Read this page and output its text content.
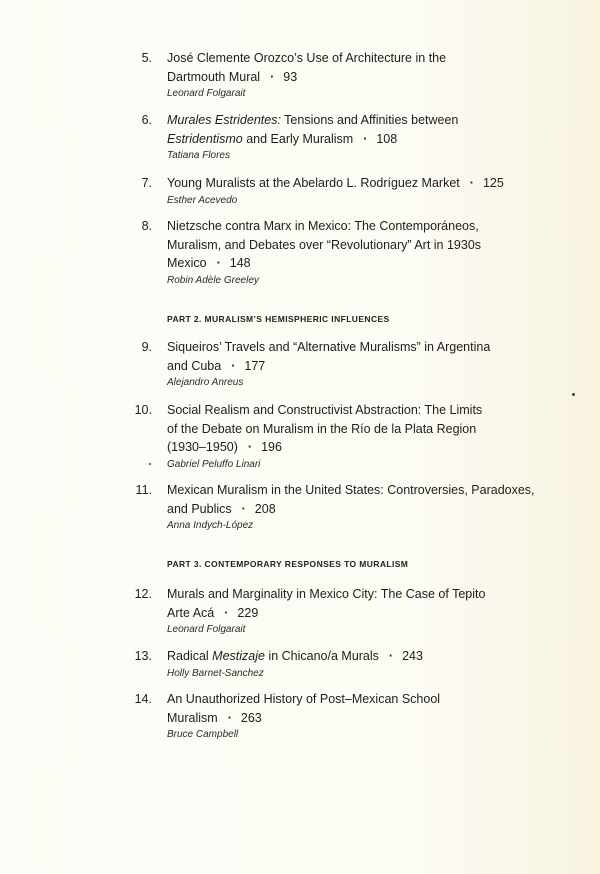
5. José Clemente Orozco’s Use of Architecture in the
Dartmouth Mural · 93
Leonard Folgarait
6. Murales Estridentes: Tensions and Affinities between
Estridentismo and Early Muralism · 108
Tatiana Flores
7. Young Muralists at the Abelardo L. Rodríguez Market · 125
Esther Acevedo
8. Nietzsche contra Marx in Mexico: The Contemporáneos,
Muralism, and Debates over “Revolutionary” Art in 1930s
Mexico · 148
Robin Adèle Greeley
PART 2. MURALISM’S HEMISPHERIC INFLUENCES
9. Siqueiros’ Travels and “Alternative Muralisms” in Argentina
and Cuba · 177
Alejandro Anreus
10. Social Realism and Constructivist Abstraction: The Limits
of the Debate on Muralism in the Río de la Plata Region
(1930–1950) · 196
Gabriel Peluffo Linari
11. Mexican Muralism in the United States: Controversies, Paradoxes,
and Publics · 208
Anna Indych-López
PART 3. CONTEMPORARY RESPONSES TO MURALISM
12. Murals and Marginality in Mexico City: The Case of Tepito
Arte Acá · 229
Leonard Folgarait
13. Radical Mestizaje in Chicano/a Murals · 243
Holly Barnet-Sanchez
14. An Unauthorized History of Post–Mexican School
Muralism · 263
Bruce Campbell
